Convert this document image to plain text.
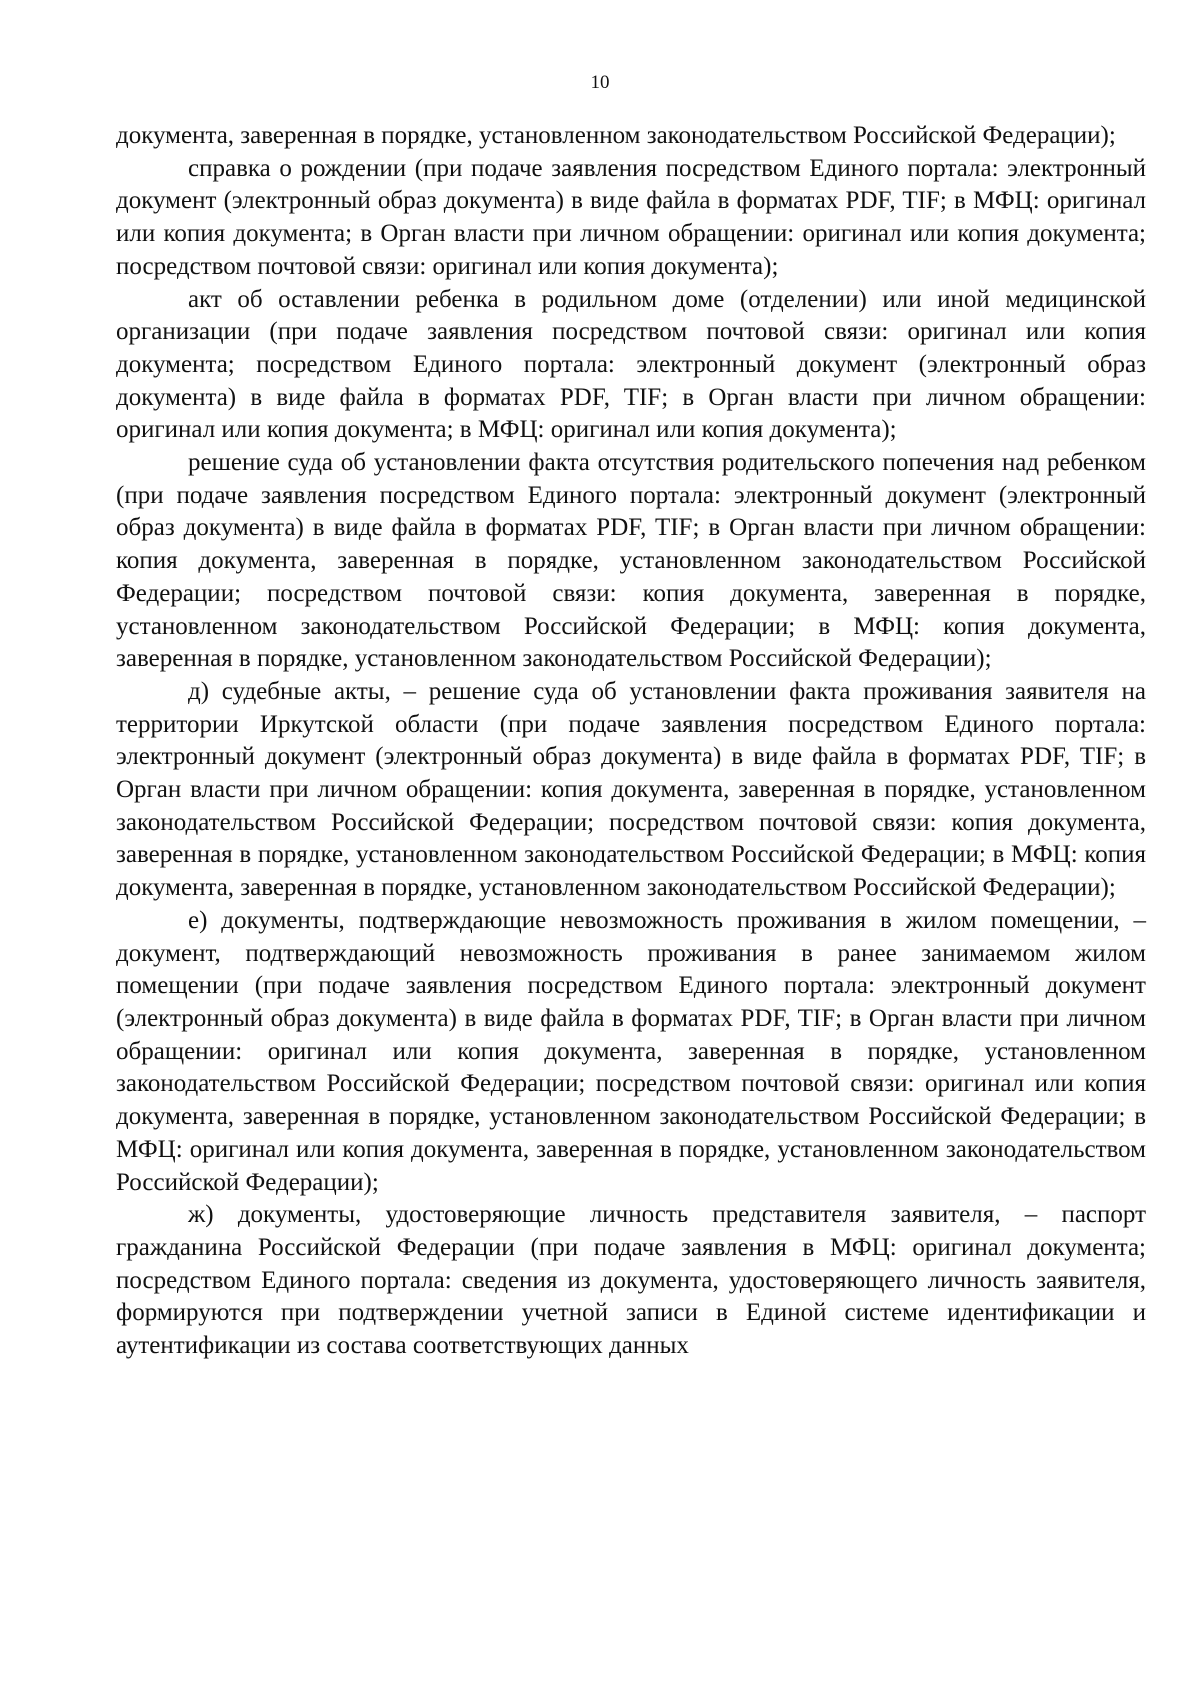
10

документа, заверенная в порядке, установленном законодательством Российской Федерации);

справка о рождении (при подаче заявления посредством Единого портала: электронный документ (электронный образ документа) в виде файла в форматах PDF, TIF; в МФЦ: оригинал или копия документа; в Орган власти при личном обращении: оригинал или копия документа; посредством почтовой связи: оригинал или копия документа);

акт об оставлении ребенка в родильном доме (отделении) или иной медицинской организации (при подаче заявления посредством почтовой связи: оригинал или копия документа; посредством Единого портала: электронный документ (электронный образ документа) в виде файла в форматах PDF, TIF; в Орган власти при личном обращении: оригинал или копия документа; в МФЦ: оригинал или копия документа);

решение суда об установлении факта отсутствия родительского попечения над ребенком (при подаче заявления посредством Единого портала: электронный документ (электронный образ документа) в виде файла в форматах PDF, TIF; в Орган власти при личном обращении: копия документа, заверенная в порядке, установленном законодательством Российской Федерации; посредством почтовой связи: копия документа, заверенная в порядке, установленном законодательством Российской Федерации; в МФЦ: копия документа, заверенная в порядке, установленном законодательством Российской Федерации);

д) судебные акты, – решение суда об установлении факта проживания заявителя на территории Иркутской области (при подаче заявления посредством Единого портала: электронный документ (электронный образ документа) в виде файла в форматах PDF, TIF; в Орган власти при личном обращении: копия документа, заверенная в порядке, установленном законодательством Российской Федерации; посредством почтовой связи: копия документа, заверенная в порядке, установленном законодательством Российской Федерации; в МФЦ: копия документа, заверенная в порядке, установленном законодательством Российской Федерации);

е) документы, подтверждающие невозможность проживания в жилом помещении, – документ, подтверждающий невозможность проживания в ранее занимаемом жилом помещении (при подаче заявления посредством Единого портала: электронный документ (электронный образ документа) в виде файла в форматах PDF, TIF; в Орган власти при личном обращении: оригинал или копия документа, заверенная в порядке, установленном законодательством Российской Федерации; посредством почтовой связи: оригинал или копия документа, заверенная в порядке, установленном законодательством Российской Федерации; в МФЦ: оригинал или копия документа, заверенная в порядке, установленном законодательством Российской Федерации);

ж) документы, удостоверяющие личность представителя заявителя, – паспорт гражданина Российской Федерации (при подаче заявления в МФЦ: оригинал документа; посредством Единого портала: сведения из документа, удостоверяющего личность заявителя, формируются при подтверждении учетной записи в Единой системе идентификации и аутентификации из состава соответствующих данных
